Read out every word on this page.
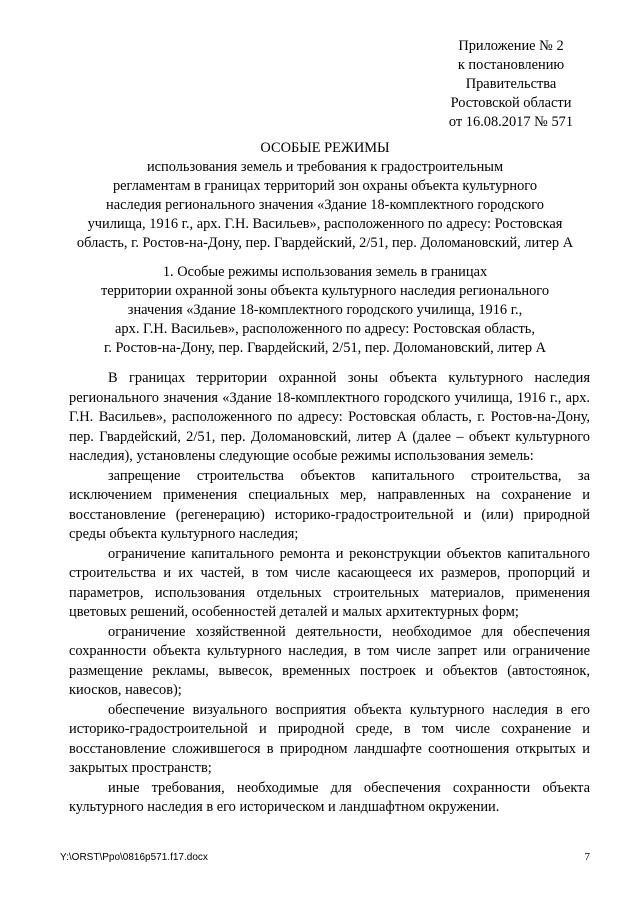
Приложение № 2
к постановлению
Правительства
Ростовской области
от 16.08.2017 № 571
ОСОБЫЕ РЕЖИМЫ
использования земель и требования к градостроительным
регламентам в границах территорий зон охраны объекта культурного
наследия регионального значения «Здание 18-комплектного городского
училища, 1916 г., арх. Г.Н. Васильев», расположенного по адресу: Ростовская
область, г. Ростов-на-Дону, пер. Гвардейский, 2/51, пер. Доломановский, литер А
1. Особые режимы использования земель в границах
территории охранной зоны объекта культурного наследия регионального
значения «Здание 18-комплектного городского училища, 1916 г.,
арх. Г.Н. Васильев», расположенного по адресу: Ростовская область,
г. Ростов-на-Дону, пер. Гвардейский, 2/51, пер. Доломановский, литер А

В границах территории охранной зоны объекта культурного наследия регионального значения «Здание 18-комплектного городского училища, 1916 г., арх. Г.Н. Васильев», расположенного по адресу: Ростовская область, г. Ростов-на-Дону, пер. Гвардейский, 2/51, пер. Доломановский, литер А (далее – объект культурного наследия), установлены следующие особые режимы использования земель:

запрещение строительства объектов капитального строительства, за исключением применения специальных мер, направленных на сохранение и восстановление (регенерацию) историко-градостроительной и (или) природной среды объекта культурного наследия;

ограничение капитального ремонта и реконструкции объектов капитального строительства и их частей, в том числе касающееся их размеров, пропорций и параметров, использования отдельных строительных материалов, применения цветовых решений, особенностей деталей и малых архитектурных форм;

ограничение хозяйственной деятельности, необходимое для обеспечения сохранности объекта культурного наследия, в том числе запрет или ограничение размещение рекламы, вывесок, временных построек и объектов (автостоянок, киосков, навесов);

обеспечение визуального восприятия объекта культурного наследия в его историко-градостроительной и природной среде, в том числе сохранение и восстановление сложившегося в природном ландшафте соотношения открытых и закрытых пространств;

иные требования, необходимые для обеспечения сохранности объекта культурного наследия в его историческом и ландшафтном окружении.

Y:\ORST\Ppo\0816p571.f17.docx	7
